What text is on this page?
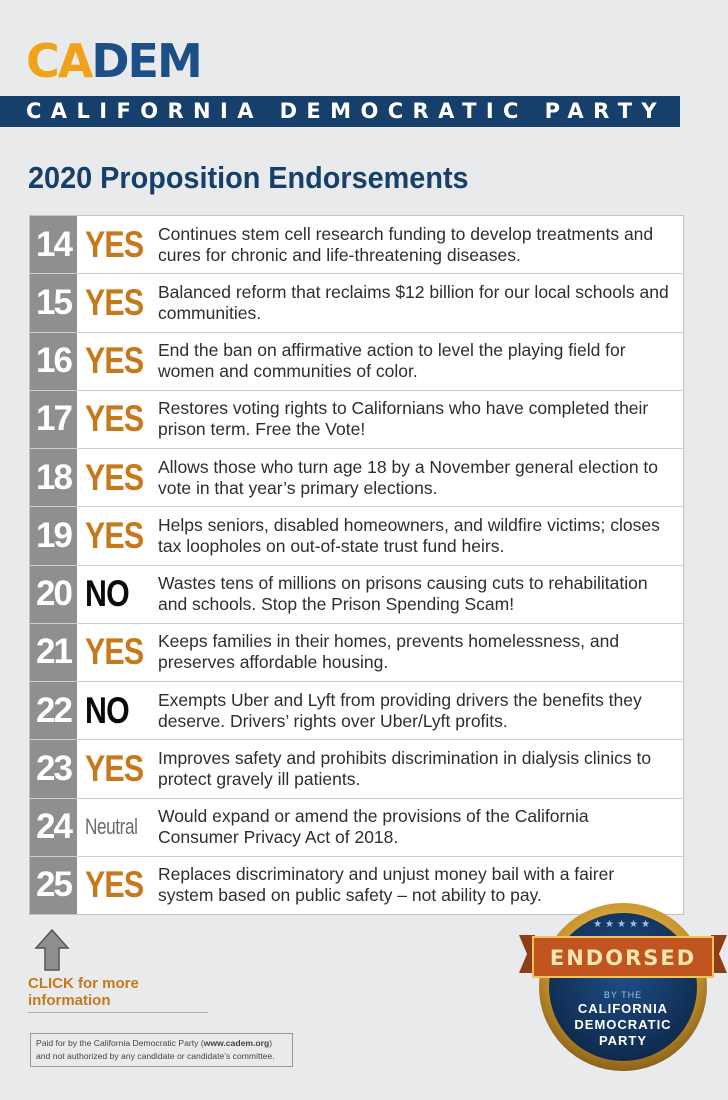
CADEM
CALIFORNIA DEMOCRATIC PARTY
2020 Proposition Endorsements
14 YES Continues stem cell research funding to develop treatments and cures for chronic and life-threatening diseases.
15 YES Balanced reform that reclaims $12 billion for our local schools and communities.
16 YES End the ban on affirmative action to level the playing field for women and communities of color.
17 YES Restores voting rights to Californians who have completed their prison term. Free the Vote!
18 YES Allows those who turn age 18 by a November general election to vote in that year’s primary elections.
19 YES Helps seniors, disabled homeowners, and wildfire victims; closes tax loopholes on out-of-state trust fund heirs.
20 NO Wastes tens of millions on prisons causing cuts to rehabilitation and schools. Stop the Prison Spending Scam!
21 YES Keeps families in their homes, prevents homelessness, and preserves affordable housing.
22 NO Exempts Uber and Lyft from providing drivers the benefits they deserve. Drivers’ rights over Uber/Lyft profits.
23 YES Improves safety and prohibits discrimination in dialysis clinics to protect gravely ill patients.
24 Neutral Would expand or amend the provisions of the California Consumer Privacy Act of 2018.
25 YES Replaces discriminatory and unjust money bail with a fairer system based on public safety – not ability to pay.
CLICK for more information
Paid for by the California Democratic Party (www.cadem.org) and not authorized by any candidate or candidate’s committee.
★★★★★
ENDORSED
BY THE
CALIFORNIA
DEMOCRATIC
PARTY
